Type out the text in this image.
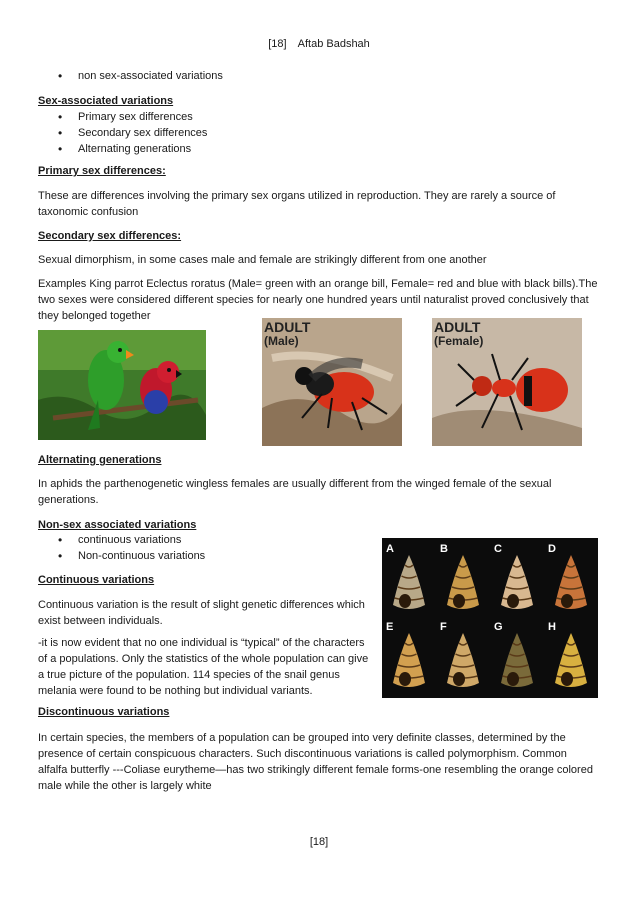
[18] Aftab Badshah
• non sex-associated variations

Sex-associated variations

• Primary sex differences
• Secondary sex differences
• Alternating generations

Primary sex differences:

These are differences involving the primary sex organs utilized in reproduction. They are rarely a source of taxonomic confusion

Secondary sex differences:

Sexual dimorphism, in some cases male and female are strikingly different from one another

Examples King parrot Eclectus roratus (Male= green with an orange bill, Female= red and blue with black bills).The two sexes were considered different species for nearly one hundred years until naturalist proved conclusively that they belonged together

ADULT
(Male)
ADULT
(Female)

Alternating generations

In aphids the parthenogenetic wingless females are usually different from the winged female of the sexual generations.

Non-sex associated variations

• continuous variations
• Non-continuous variations

Continuous variations

Continuous variation is the result of slight genetic differences which exist between individuals.

-it is now evident that no one individual is “typical” of the characters of a populations. Only the statistics of the whole population can give a true picture of the population. 114 species of the snail genus melania were found to be nothing but individual variants.

A	B	C	D
E	F	G	H

Discontinuous variations

In certain species, the members of a population can be grouped into very definite classes, determined by the presence of certain conspicuous characters. Such discontinuous variations is called polymorphism. Common alfalfa butterfly ---Coliase eurytheme—has two strikingly different female forms-one resembling the orange colored male while the other is largely white

[18]
